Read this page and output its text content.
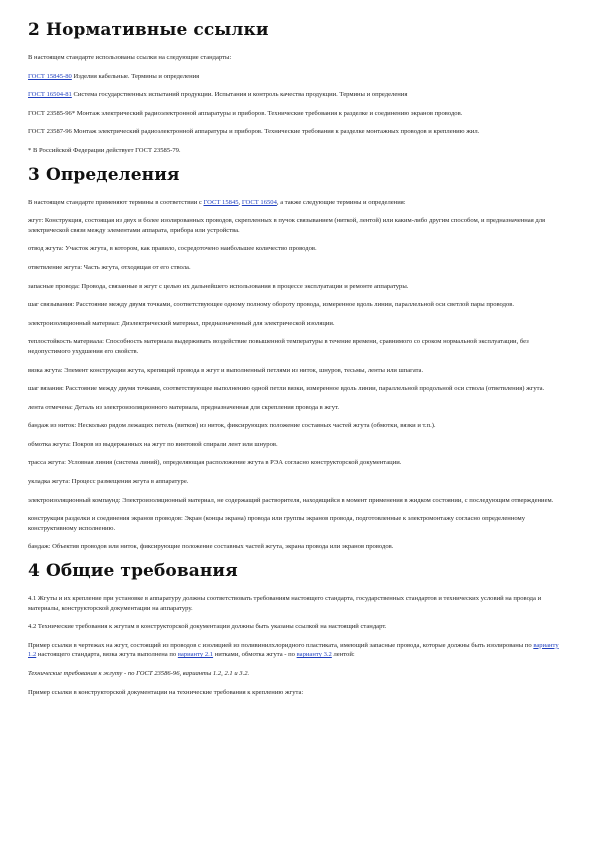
2 Нормативные ссылки

В настоящем стандарте использованы ссылки на следующие стандарты:

ГОСТ 15845-80 Изделия кабельные. Термины и определения

ГОСТ 16504-81 Система государственных испытаний продукции. Испытания и контроль качества продукции. Термины и определения

ГОСТ 23585-96* Монтаж электрический радиоэлектронной аппаратуры и приборов. Технические требования к разделке и соединению экранов проводов.

ГОСТ 23587-96 Монтаж электрический радиоэлектронной аппаратуры и приборов. Технические требования к разделке монтажных проводов и креплению жил.

* В Российской Федерации действует ГОСТ 23585-79.

3 Определения

В настоящем стандарте применяют термины в соответствии с ГОСТ 15845, ГОСТ 16504, а также следующие термины и определения:

жгут: Конструкция, состоящая из двух и более изолированных проводов, скрепленных в пучок связыванием (ниткой, лентой) или каким-либо другим способом, и предназначенная для электрической связи между элементами аппарата, прибора или устройства.

отвод жгута: Участок жгута, в котором, как правило, сосредоточено наибольшее количество проводов.

ответвление жгута: Часть жгута, отходящая от его ствола.

запасные провода: Провода, связанные в жгут с целью их дальнейшего использования в процессе эксплуатации и ремонте аппаратуры.

шаг связывания: Расстояние между двумя точками, соответствующее одному полному обороту провода, измеренное вдоль линии, параллельной оси светлой пары проводов.

электроизоляционный материал: Диэлектрический материал, предназначенный для электрической изоляции.

теплостойкость материала: Способность материала выдерживать воздействие повышенной температуры в течение времени, сравнимого со сроком нормальной эксплуатации, без недопустимого ухудшения его свойств.

вязка жгута: Элемент конструкции жгута, крепящий провода в жгут и выполненный петлями из ниток, шнуров, тесьмы, ленты или шпагата.

шаг вязания: Расстояние между двумя точками, соответствующее выполнению одной петли вязки, измеренное вдоль линии, параллельной продольной оси ствола (ответвления) жгута.

лента отмечена: Деталь из электроизоляционного материала, предназначенная для скрепления провода в жгут.

бандаж из ниток: Несколько рядом лежащих петель (витков) из ниток, фиксирующих положение составных частей жгута (обмотки, вязки и т.п.).

обмотка жгута: Покров из выдержанных на жгут по винтовой спирали лент или шнуров.

трасса жгута: Условная линия (система линий), определяющая расположение жгута в РЭА согласно конструкторской документации.

укладка жгута: Процесс размещения жгута в аппаратуре.

электроизоляционный компаунд: Электроизоляционный материал, не содержащий растворителя, находящийся в момент применения в жидком состоянии, с последующим отверждением.

конструкция разделки и соединения экранов проводов: Экран (концы экрана) провода или группы экранов провода, подготовленные к электромонтажу согласно определенному конструктивному исполнению.

бандаж: Объектив проводов или ниток, фиксирующие положение составных частей жгута, экрана провода или экранов проводов.

4 Общие требования

4.1 Жгуты и их крепление при установке в аппаратуру должны соответствовать требованиям настоящего стандарта, государственных стандартов и технических условий на провода и материалы, конструкторской документации на аппаратуру.

4.2 Технические требования к жгутам в конструкторской документации должны быть указаны ссылкой на настоящий стандарт.

Пример ссылки в чертежах на жгут, состоящий из проводов с изоляцией из поливинилхлоридного пластиката, имеющий запасные провода, которые должны быть изолированы по варианту 1.2 настоящего стандарта, вязка жгута выполнена по варианту 2.1 нитками, обмотка жгута - по варианту 3.2 лентой:

Технические требования к жгуту - по ГОСТ 23586-96, варианты 1.2, 2.1 и 3.2.

Пример ссылки в конструкторской документации на технические требования к креплению жгута:
